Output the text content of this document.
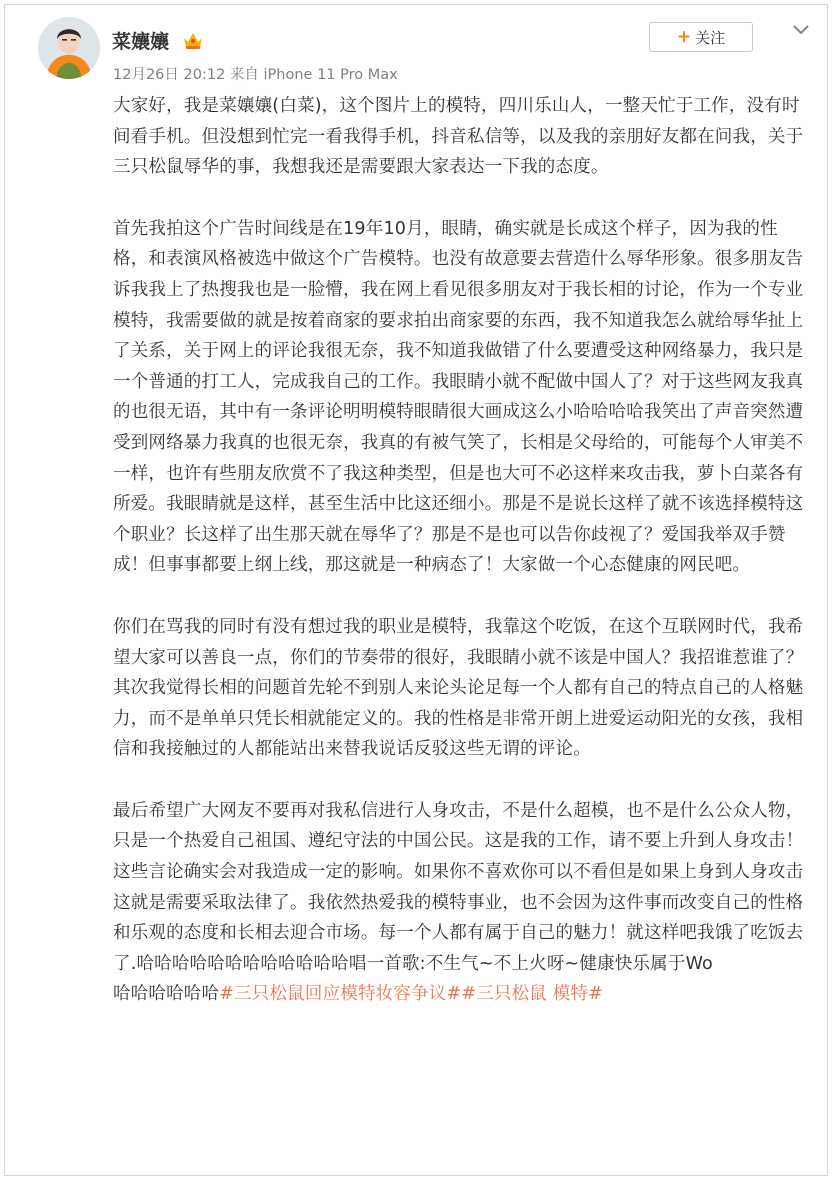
菜孃孃
12月26日 20:12 来自 iPhone 11 Pro Max
+ 关注

大家好，我是菜孃孃(白菜)，这个图片上的模特，四川乐山人，一整天忙于工作，没有时间看手机。但没想到忙完一看我得手机，抖音私信等，以及我的亲朋好友都在问我，关于三只松鼠辱华的事，我想我还是需要跟大家表达一下我的态度。

首先我拍这个广告时间线是在19年10月，眼睛，确实就是长成这个样子，因为我的性格，和表演风格被选中做这个广告模特。也没有故意要去营造什么辱华形象。很多朋友告诉我我上了热搜我也是一脸懵，我在网上看见很多朋友对于我长相的讨论，作为一个专业模特，我需要做的就是按着商家的要求拍出商家要的东西，我不知道我怎么就给辱华扯上了关系，关于网上的评论我很无奈，我不知道我做错了什么要遭受这种网络暴力，我只是一个普通的打工人，完成我自己的工作。我眼睛小就不配做中国人了？对于这些网友我真的也很无语，其中有一条评论明明模特眼睛很大画成这么小哈哈哈哈我笑出了声音突然遭受到网络暴力我真的也很无奈，我真的有被气笑了，长相是父母给的，可能每个人审美不一样，也许有些朋友欣赏不了我这种类型，但是也大可不必这样来攻击我，萝卜白菜各有所爱。我眼睛就是这样，甚至生活中比这还细小。那是不是说长这样了就不该选择模特这个职业？长这样了出生那天就在辱华了？那是不是也可以告你歧视了？爱国我举双手赞成！但事事都要上纲上线，那这就是一种病态了！大家做一个心态健康的网民吧。

你们在骂我的同时有没有想过我的职业是模特，我靠这个吃饭，在这个互联网时代，我希望大家可以善良一点，你们的节奏带的很好，我眼睛小就不该是中国人？我招谁惹谁了？

其次我觉得长相的问题首先轮不到别人来论头论足每一个人都有自己的特点自己的人格魅力，而不是单单只凭长相就能定义的。我的性格是非常开朗上进爱运动阳光的女孩，我相信和我接触过的人都能站出来替我说话反驳这些无谓的评论。

最后希望广大网友不要再对我私信进行人身攻击，不是什么超模，也不是什么公众人物，只是一个热爱自己祖国、遵纪守法的中国公民。这是我的工作，请不要上升到人身攻击！这些言论确实会对我造成一定的影响。如果你不喜欢你可以不看但是如果上身到人身攻击这就是需要采取法律了。我依然热爱我的模特事业，也不会因为这件事而改变自己的性格和乐观的态度和长相去迎合市场。每一个人都有属于自己的魅力！就这样吧我饿了吃饭去了.哈哈哈哈哈哈哈哈哈哈哈哈唱一首歌:不生气~不上火呀~健康快乐属于Wo

哈哈哈哈哈哈#三只松鼠回应模特妆容争议##三只松鼠 模特#
